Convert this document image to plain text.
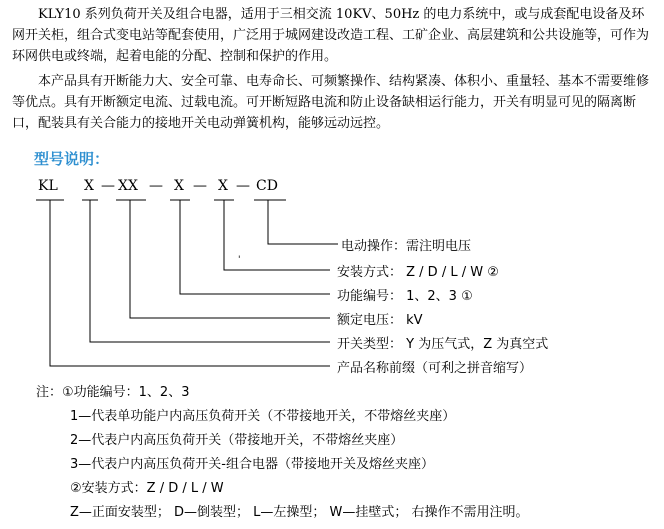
KLY10 系列负荷开关及组合电器，适用于三相交流 10KV、50Hz 的电力系统中，或与成套配电设备及环网开关柜，组合式变电站等配套使用，广泛用于城网建设改造工程、工矿企业、高层建筑和公共设施等，可作为环网供电或终端，起着电能的分配、控制和保护的作用。

本产品具有开断能力大、安全可靠、电寿命长、可频繁操作、结构紧凑、体积小、重量轻、基本不需要维修等优点。具有开断额定电流、过载电流。可开断短路电流和防止设备缺相运行能力，开关有明显可见的隔离断口，配装具有关合能力的接地开关电动弹簧机构，能够远动远控。

型号说明：
KL X — XX — X — X — CD
'
电动操作：需注明电压
安装方式： Z / D / L / W ②
功能编号： 1、2、3 ①
额定电压： kV
开关类型： Y 为压气式，Z 为真空式
产品名称前缀（可利之拼音缩写）
注：①功能编号：1、2、3
1—代表单功能户内高压负荷开关（不带接地开关，不带熔丝夹座）
2—代表户内高压负荷开关（带接地开关，不带熔丝夹座）
3—代表户内高压负荷开关-组合电器（带接地开关及熔丝夹座）
②安装方式：Z / D / L / W
Z—正面安装型； D—倒装型； L—左操型； W—挂壁式； 右操作不需用注明。
